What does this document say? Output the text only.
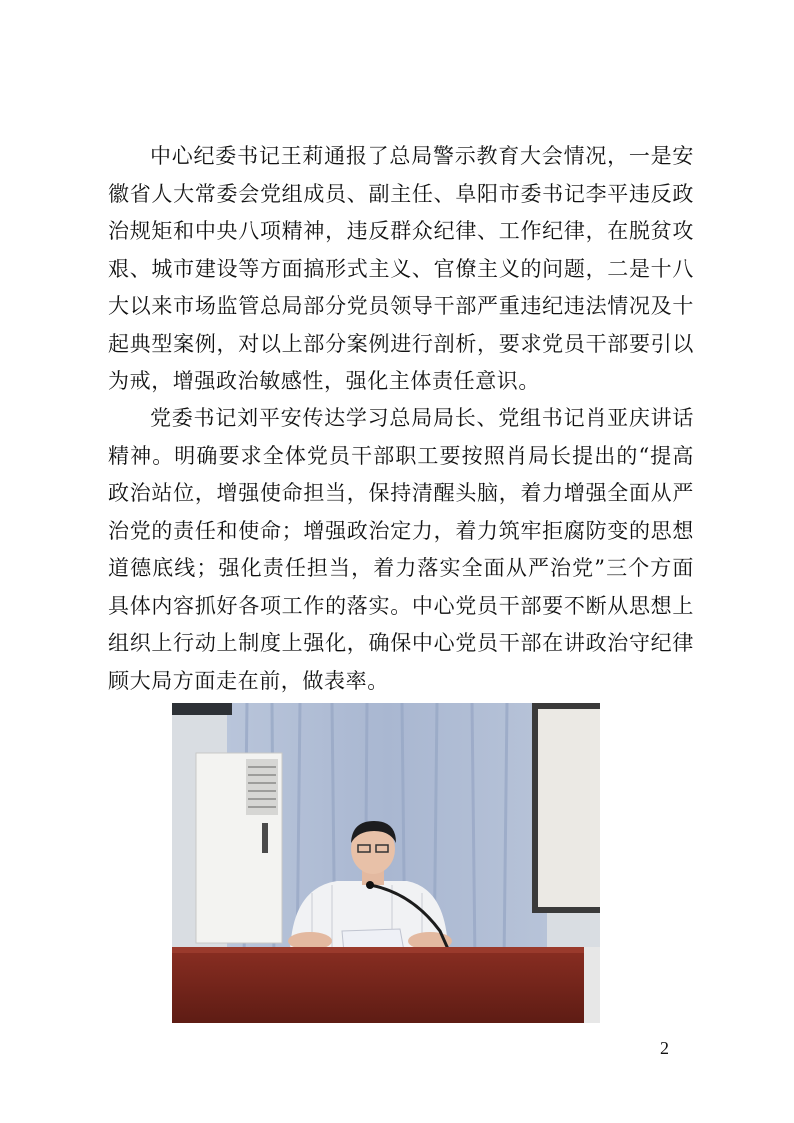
中心纪委书记王莉通报了总局警示教育大会情况，一是安徽省人大常委会党组成员、副主任、阜阳市委书记李平违反政治规矩和中央八项精神，违反群众纪律、工作纪律，在脱贫攻艰、城市建设等方面搞形式主义、官僚主义的问题，二是十八大以来市场监管总局部分党员领导干部严重违纪违法情况及十起典型案例，对以上部分案例进行剖析，要求党员干部要引以为戒，增强政治敏感性，强化主体责任意识。

党委书记刘平安传达学习总局局长、党组书记肖亚庆讲话精神。明确要求全体党员干部职工要按照肖局长提出的“提高政治站位，增强使命担当，保持清醒头脑，着力增强全面从严治党的责任和使命；增强政治定力，着力筑牢拒腐防变的思想道德底线；强化责任担当，着力落实全面从严治党”三个方面具体内容抓好各项工作的落实。中心党员干部要不断从思想上组织上行动上制度上强化，确保中心党员干部在讲政治守纪律顾大局方面走在前，做表率。

2
